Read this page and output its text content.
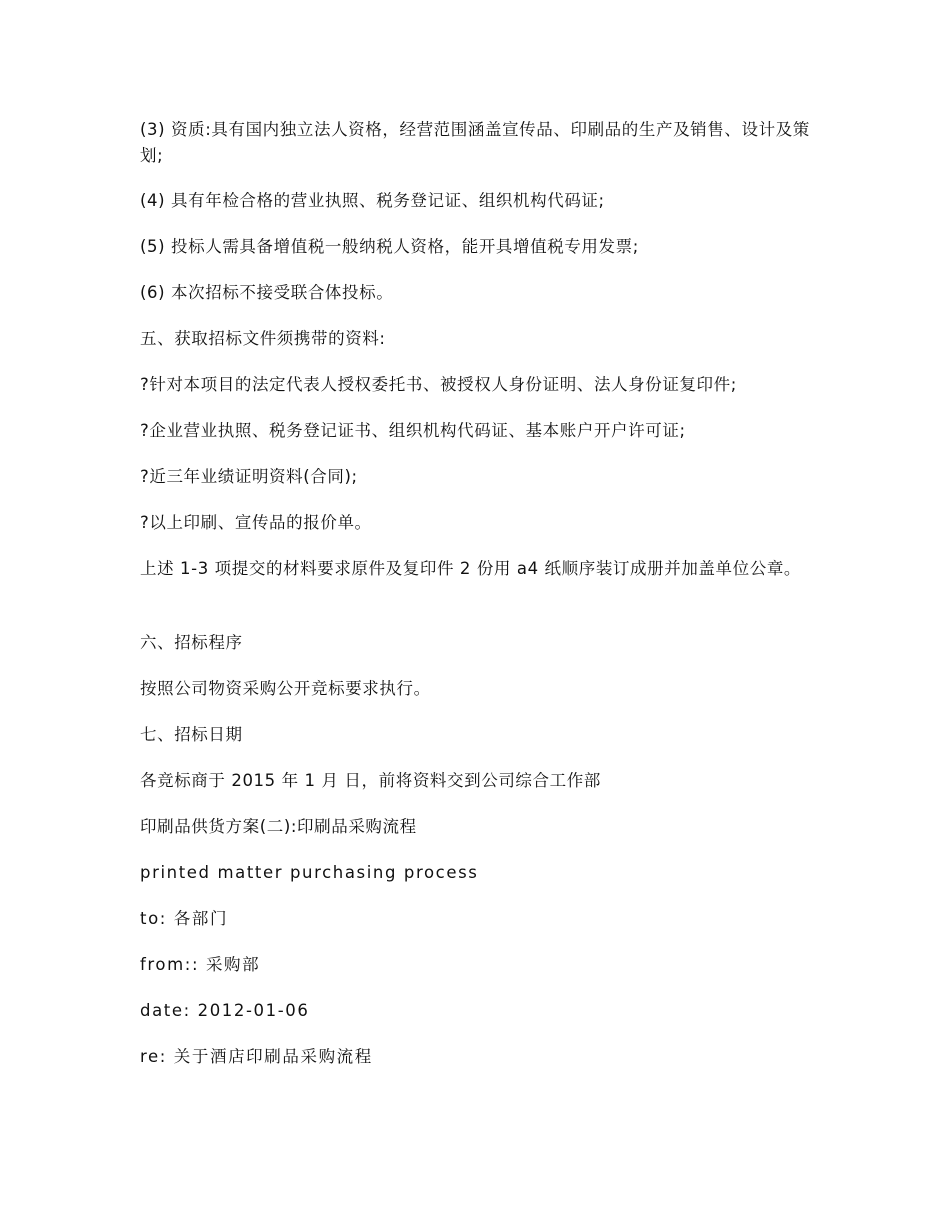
(3) 资质:具有国内独立法人资格，经营范围涵盖宣传品、印刷品的生产及销售、设计及策划;

(4) 具有年检合格的营业执照、税务登记证、组织机构代码证;

(5) 投标人需具备增值税一般纳税人资格，能开具增值税专用发票;

(6) 本次招标不接受联合体投标。

五、获取招标文件须携带的资料:

?针对本项目的法定代表人授权委托书、被授权人身份证明、法人身份证复印件;

?企业营业执照、税务登记证书、组织机构代码证、基本账户开户许可证;

?近三年业绩证明资料(合同);

?以上印刷、宣传品的报价单。

上述 1-3 项提交的材料要求原件及复印件 2 份用 a4 纸顺序装订成册并加盖单位公章。

六、招标程序

按照公司物资采购公开竞标要求执行。

七、招标日期

各竞标商于 2015 年 1 月 日，前将资料交到公司综合工作部

印刷品供货方案(二):印刷品采购流程

printed matter purchasing process

to: 各部门

from:: 采购部

date: 2012-01-06

re: 关于酒店印刷品采购流程
